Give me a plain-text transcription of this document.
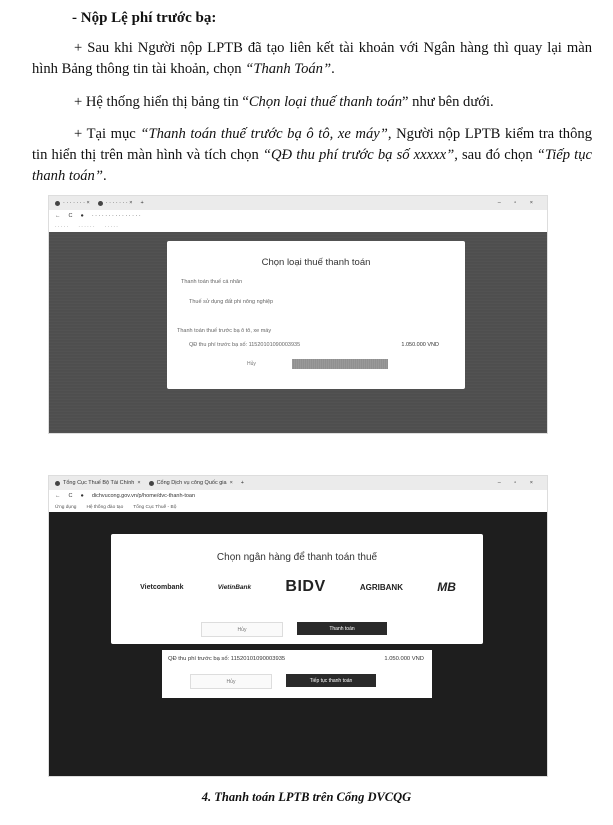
- Nộp Lệ phí trước bạ:
+ Sau khi Người nộp LPTB đã tạo liên kết tài khoản với Ngân hàng thì quay lại màn hình Bảng thông tin tài khoản, chọn “Thanh Toán”.
+ Hệ thống hiển thị bảng tin “Chọn loại thuế thanh toán” như bên dưới.
+ Tại mục “Thanh toán thuế trước bạ ô tô, xe máy”, Người nộp LPTB kiểm tra thông tin hiển thị trên màn hình và tích chọn “QĐ thu phí trước bạ số xxxxx”, sau đó chọn “Tiếp tục thanh toán”.
· · · · · · · ×	· · · · · · · × +	– ▫ ×
← C ● · · · · · · · · · · · · · · ·
· · · · · · · · · · · · · · · ·
Chọn loại thuế thanh toán
Thanh toán thuế cá nhân
Thuế sử dụng đất phi nông nghiệp
Thanh toán thuế trước bạ ô tô, xe máy
QĐ thu phí trước bạ số: 11520101090003935	1.050.000 VND
Hủy
Tổng Cục Thuế Bộ Tài Chính ×	Cổng Dịch vụ công Quốc gia × +	– ▫ ×
← C ● dichvucong.gov.vn/p/home/dvc-thanh-toan
Ứng dụng Hệ thống đào tạo Tổng Cục Thuế - Bộ
QĐ thu phí trước bạ số: 11520101090003935	1.050.000 VND
Hủy	Tiếp tục thanh toán
Chọn ngân hàng để thanh toán thuế
Vietcombank	VietinBank BIDV	AGRIBANK	MB
Hủy	Thanh toán
4. Thanh toán LPTB trên Cổng DVCQG
